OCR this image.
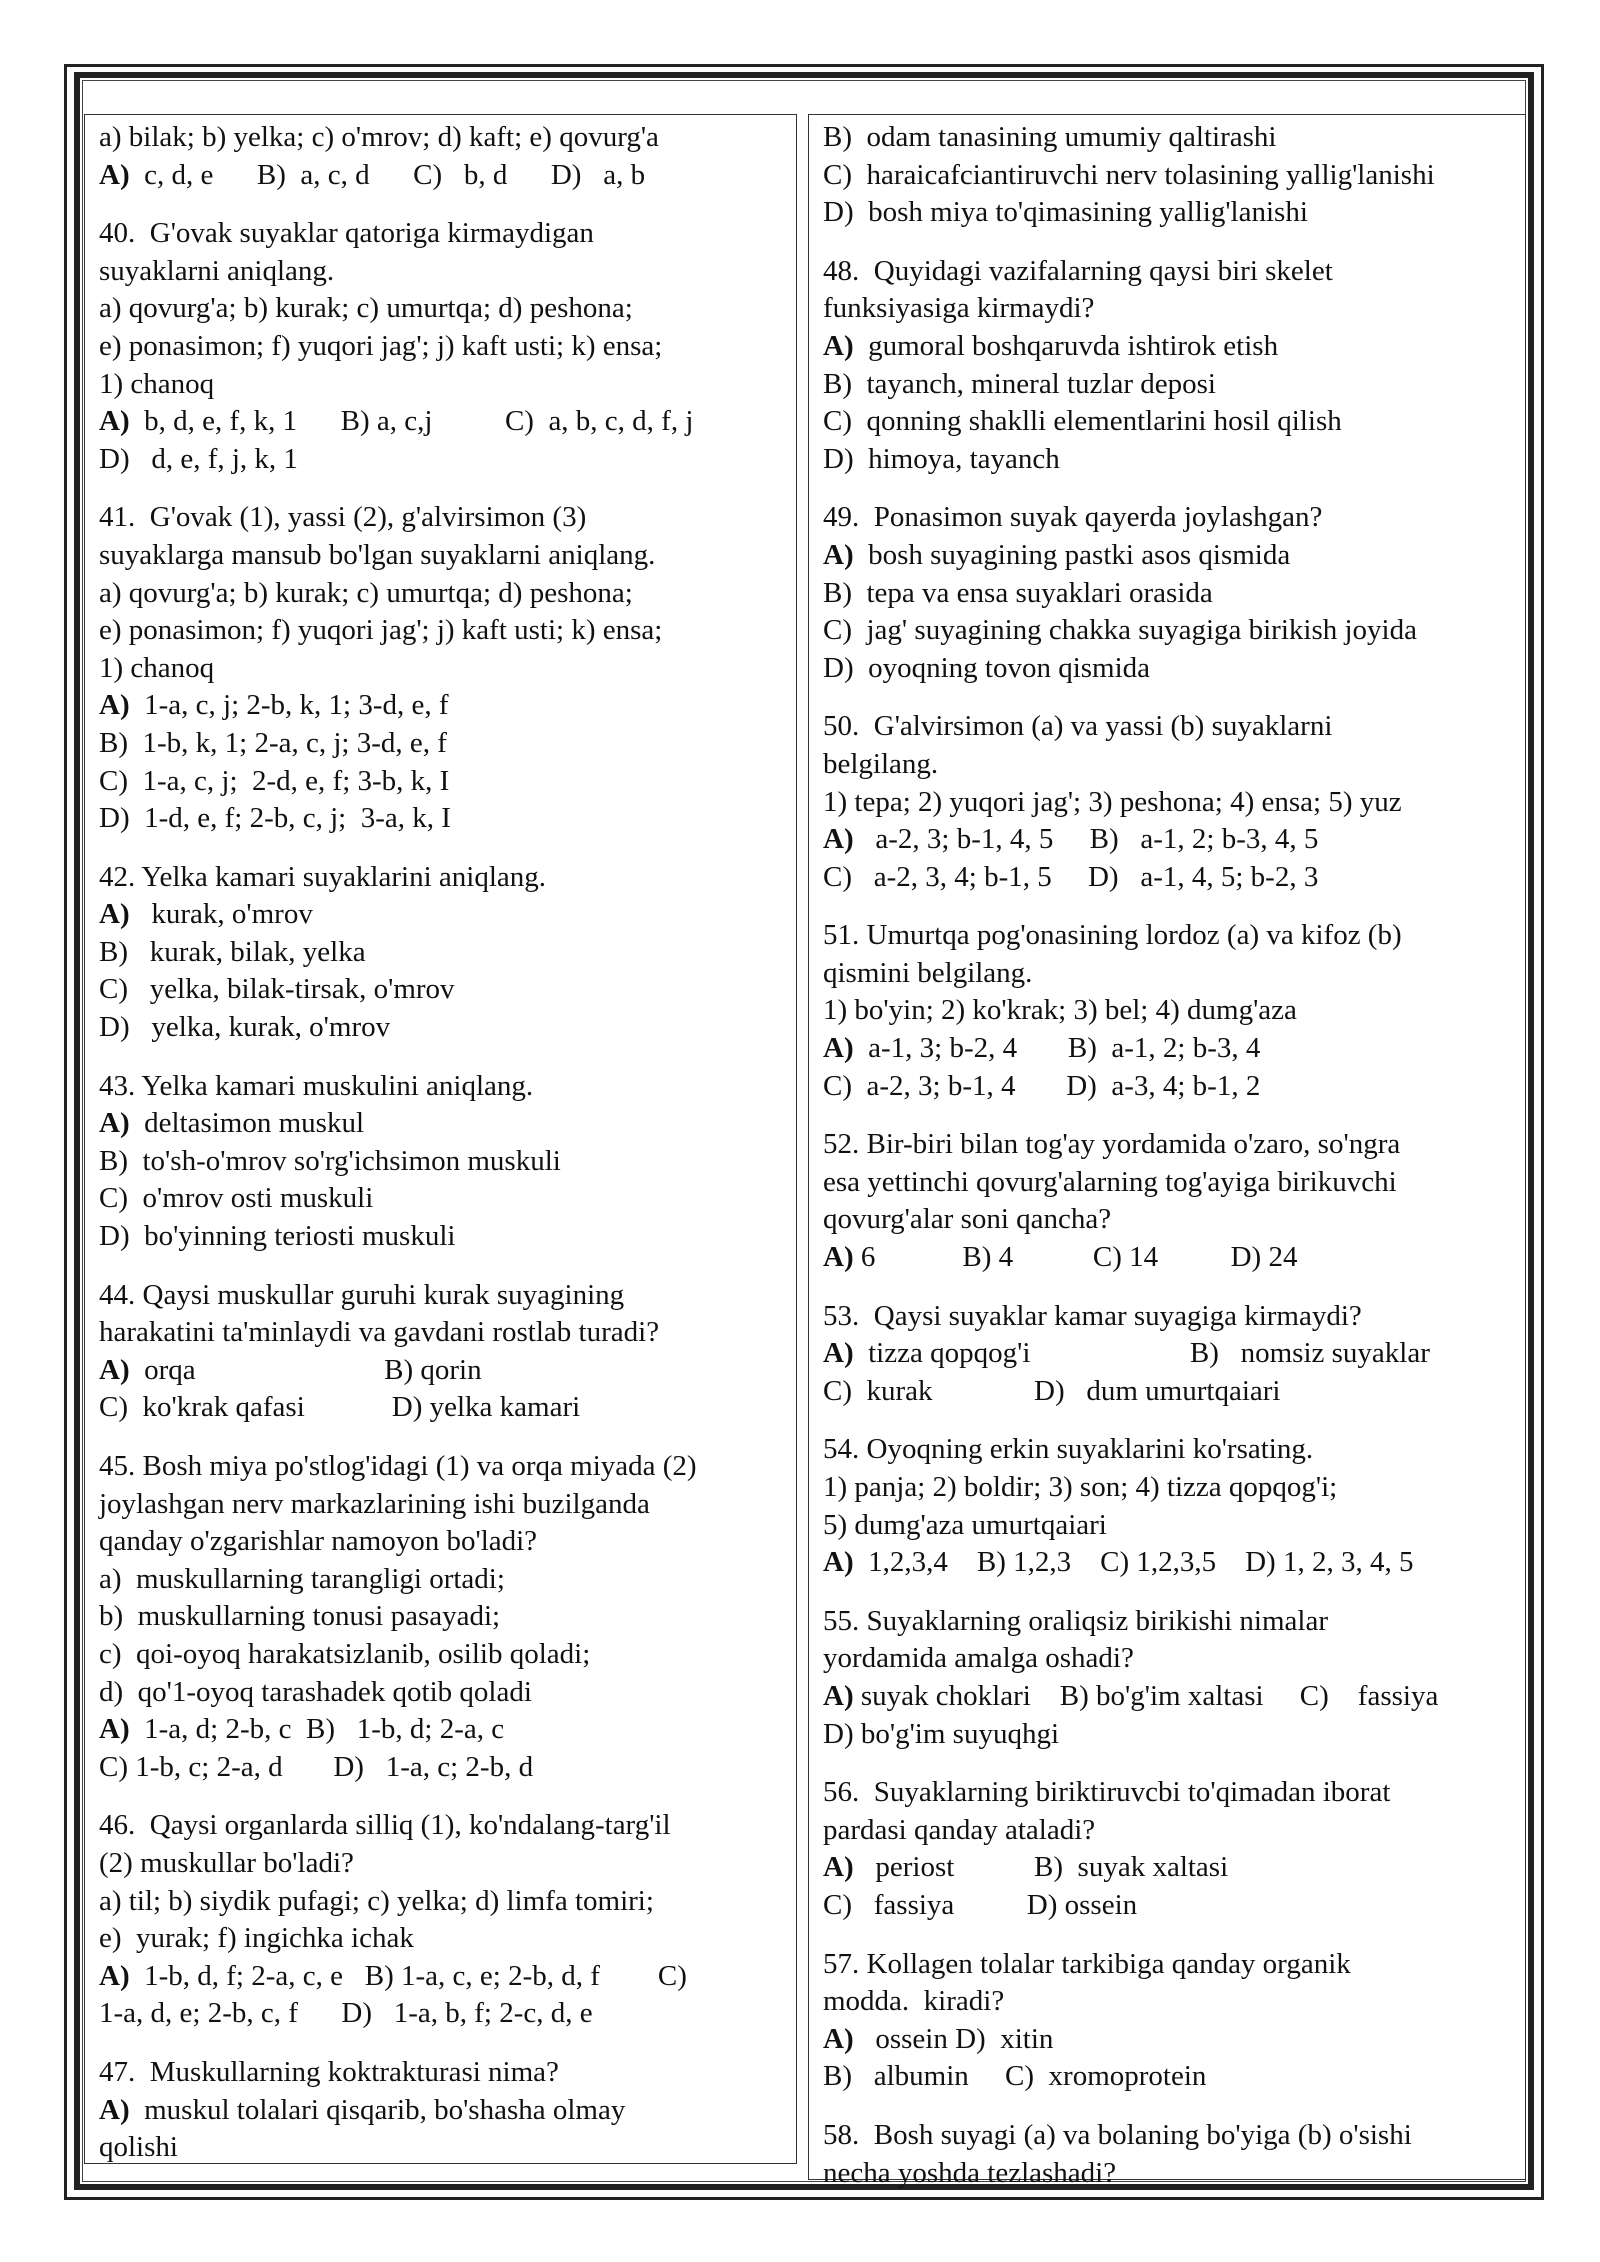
a) bilak; b) yelka; c) o'mrov; d) kaft; e) qovurg'a
A)  c, d, e      B)  a, c, d      C)   b, d      D)   a, b
40.  G'ovak suyaklar qatoriga kirmaydigan
suyaklarni aniqlang.
a) qovurg'a; b) kurak; c) umurtqa; d) peshona;
e) ponasimon; f) yuqori jag'; j) kaft usti; k) ensa;
1) chanoq
A)  b, d, e, f, k, 1      B) a, c,j          C)  a, b, c, d, f, j
D)   d, e, f, j, k, 1
41.  G'ovak (1), yassi (2), g'alvirsimon (3)
suyaklarga mansub bo'lgan suyaklarni aniqlang.
a) qovurg'a; b) kurak; c) umurtqa; d) peshona;
e) ponasimon; f) yuqori jag'; j) kaft usti; k) ensa;
1) chanoq
A)  1-a, c, j; 2-b, k, 1; 3-d, e, f
B)  1-b, k, 1; 2-a, c, j; 3-d, e, f
C)  1-a, c, j;  2-d, e, f; 3-b, k, I
D)  1-d, e, f; 2-b, c, j;  3-a, k, I
42. Yelka kamari suyaklarini aniqlang.
A)   kurak, o'mrov
B)   kurak, bilak, yelka
C)   yelka, bilak-tirsak, o'mrov
D)   yelka, kurak, o'mrov
43. Yelka kamari muskulini aniqlang.
A)  deltasimon muskul
B)  to'sh-o'mrov so'rg'ichsimon muskuli
C)  o'mrov osti muskuli
D)  bo'yinning teriosti muskuli
44. Qaysi muskullar guruhi kurak suyagining
harakatini ta'minlaydi va gavdani rostlab turadi?
A)  orqa                          B) qorin
C)  ko'krak qafasi            D) yelka kamari
45. Bosh miya po'stlog'idagi (1) va orqa miyada (2)
joylashgan nerv markazlarining ishi buzilganda
qanday o'zgarishlar namoyon bo'ladi?
a)  muskullarning tarangligi ortadi;
b)  muskullarning tonusi pasayadi;
c)  qoi-oyoq harakatsizlanib, osilib qoladi;
d)  qo'1-oyoq tarashadek qotib qoladi
A)  1-a, d; 2-b, c  B)   1-b, d; 2-a, c
C) 1-b, c; 2-a, d       D)   1-a, c; 2-b, d
46.  Qaysi organlarda silliq (1), ko'ndalang-targ'il
(2) muskullar bo'ladi?
a) til; b) siydik pufagi; c) yelka; d) limfa tomiri;
e)  yurak; f) ingichka ichak
A)  1-b, d, f; 2-a, c, e   B) 1-a, c, e; 2-b, d, f        C)
1-a, d, e; 2-b, c, f      D)   1-a, b, f; 2-c, d, e
47.  Muskullarning koktrakturasi nima?
A)  muskul tolalari qisqarib, bo'shasha olmay
qolishi
B)  odam tanasining umumiy qaltirashi
C)  haraicafciantiruvchi nerv tolasining yallig'lanishi
D)  bosh miya to'qimasining yallig'lanishi
48.  Quyidagi vazifalarning qaysi biri skelet
funksiyasiga kirmaydi?
A)  gumoral boshqaruvda ishtirok etish
B)  tayanch, mineral tuzlar deposi
C)  qonning shaklli elementlarini hosil qilish
D)  himoya, tayanch
49.  Ponasimon suyak qayerda joylashgan?
A)  bosh suyagining pastki asos qismida
B)  tepa va ensa suyaklari orasida
C)  jag' suyagining chakka suyagiga birikish joyida
D)  oyoqning tovon qismida
50.  G'alvirsimon (a) va yassi (b) suyaklarni
belgilang.
1) tepa; 2) yuqori jag'; 3) peshona; 4) ensa; 5) yuz
A)   a-2, 3; b-1, 4, 5     B)   a-1, 2; b-3, 4, 5
C)   a-2, 3, 4; b-1, 5     D)   a-1, 4, 5; b-2, 3
51. Umurtqa pog'onasining lordoz (a) va kifoz (b)
qismini belgilang.
1) bo'yin; 2) ko'krak; 3) bel; 4) dumg'aza
A)  a-1, 3; b-2, 4       B)  a-1, 2; b-3, 4
C)  a-2, 3; b-1, 4       D)  a-3, 4; b-1, 2
52. Bir-biri bilan tog'ay yordamida o'zaro, so'ngra
esa yettinchi qovurg'alarning tog'ayiga birikuvchi
qovurg'alar soni qancha?
A) 6            B) 4           C) 14          D) 24
53.  Qaysi suyaklar kamar suyagiga kirmaydi?
A)  tizza qopqog'i                      B)   nomsiz suyaklar
C)  kurak              D)   dum umurtqaiari
54. Oyoqning erkin suyaklarini ko'rsating.
1) panja; 2) boldir; 3) son; 4) tizza qopqog'i;
5) dumg'aza umurtqaiari
A)  1,2,3,4    B) 1,2,3    C) 1,2,3,5    D) 1, 2, 3, 4, 5
55. Suyaklarning oraliqsiz birikishi nimalar
yordamida amalga oshadi?
A) suyak choklari    B) bo'g'im xaltasi     C)    fassiya
D) bo'g'im suyuqhgi
56.  Suyaklarning biriktiruvcbi to'qimadan iborat
pardasi qanday ataladi?
A)   periost           B)  suyak xaltasi
C)   fassiya          D) ossein
57. Kollagen tolalar tarkibiga qanday organik
modda.  kiradi?
A)   ossein D)  xitin
B)   albumin     C)  xromoprotein
58.  Bosh suyagi (a) va bolaning bo'yiga (b) o'sishi
necha yoshda tezlashadi?
